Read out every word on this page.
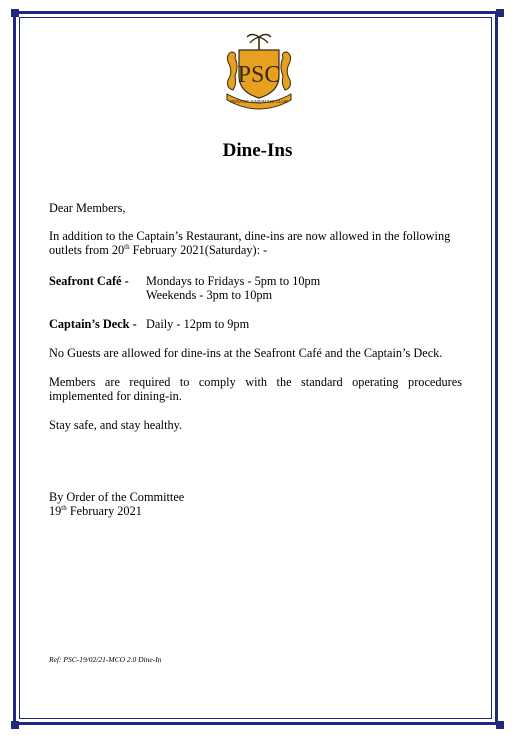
PSC
PENANG SWIMMING CLUB
Dine-Ins
Dear Members,
In addition to the Captain’s Restaurant, dine-ins are now allowed in the following
outlets from 20th February 2021(Saturday): -
Seafront Café - Mondays to Fridays - 5pm to 10pm
Weekends - 3pm to 10pm
Captain’s Deck - Daily - 12pm to 9pm
No Guests are allowed for dine-ins at the Seafront Café and the Captain’s Deck.
Members are required to comply with the standard operating procedures implemented for dining-in.
Stay safe, and stay healthy.
By Order of the Committee
19th February 2021
Ref: PSC-19/02/21-MCO 2.0 Dine-In
